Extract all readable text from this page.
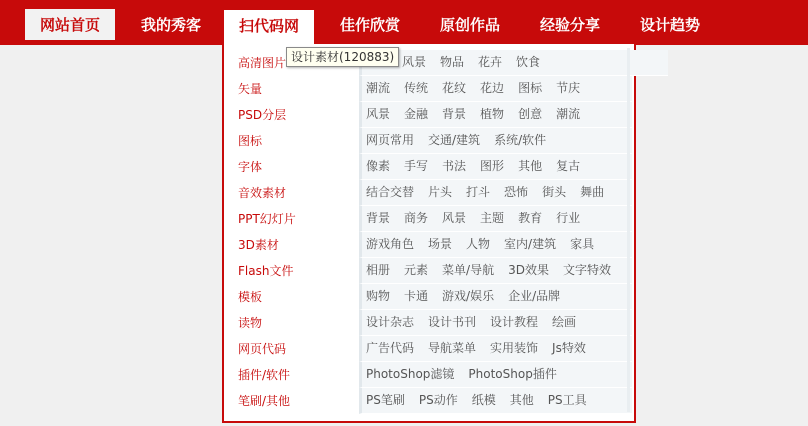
网站首页	我的秀客	扫代码网	佳作欣赏	原创作品	经验分享	设计趋势
高清图片	风景 物品 花卉 饮食
矢量	潮流 传统 花纹 花边 图标 节庆
PSD分层	风景 金融 背景 植物 创意 潮流
图标	网页常用 交通/建筑 系统/软件
字体	像素 手写 书法 图形 其他 复古
音效素材	结合交替 片头 打斗 恐怖 街头 舞曲
PPT幻灯片	背景 商务 风景 主题 教育 行业
3D素材	游戏角色 场景 人物 室内/建筑 家具
Flash文件	相册 元素 菜单/导航 3D效果 文字特效
模板	购物 卡通 游戏/娱乐 企业/品牌
读物	设计杂志 设计书刊 设计教程 绘画
网页代码	广告代码 导航菜单 实用装饰 Js特效
插件/软件	PhotoShop滤镜 PhotoShop插件
笔刷/其他	PS笔刷 PS动作 纸模 其他 PS工具
设计素材(120883)
